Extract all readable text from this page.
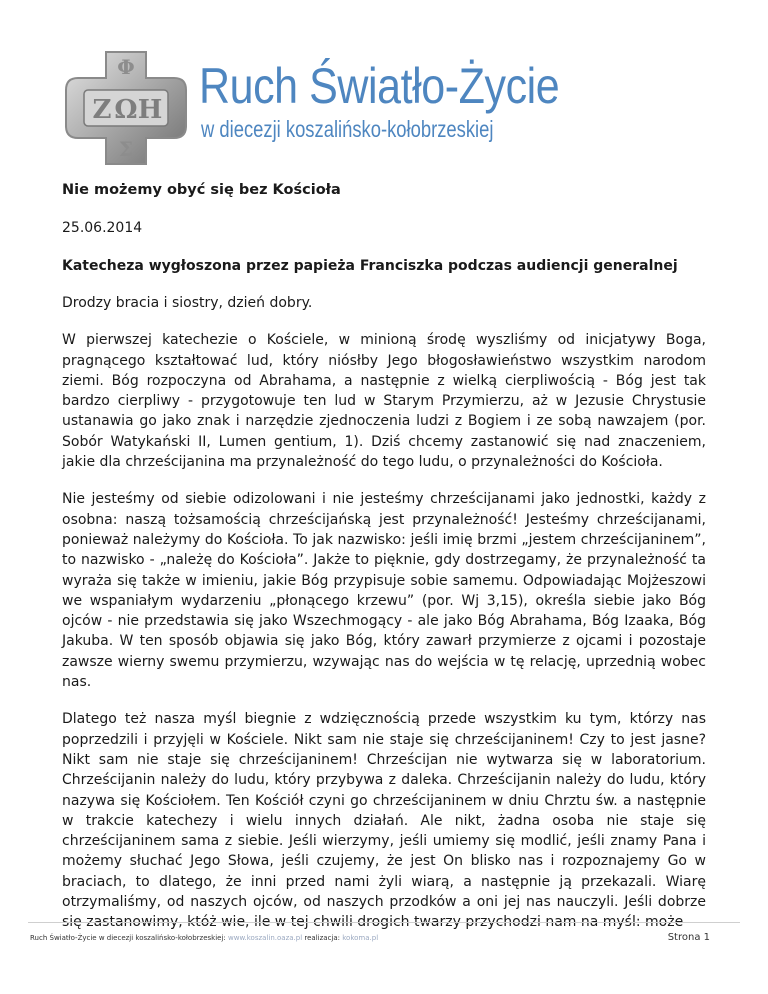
Φ
Ζ Ω Η
Σ
Ruch Światło-Życie
w diecezji koszalińsko-kołobrzeskiej
Nie możemy obyć się bez Kościoła
25.06.2014
Katecheza wygłoszona przez papieża Franciszka podczas audiencji generalnej

Drodzy bracia i siostry, dzień dobry.

W pierwszej katechezie o Kościele, w minioną środę wyszliśmy od inicjatywy Boga, pragnącego kształtować lud, który niósłby Jego błogosławieństwo wszystkim narodom ziemi. Bóg rozpoczyna od Abrahama, a następnie z wielką cierpliwością - Bóg jest tak bardzo cierpliwy - przygotowuje ten lud w Starym Przymierzu, aż w Jezusie Chrystusie ustanawia go jako znak i narzędzie zjednoczenia ludzi z Bogiem i ze sobą nawzajem (por. Sobór Watykański II, Lumen gentium, 1). Dziś chcemy zastanowić się nad znaczeniem, jakie dla chrześcijanina ma przynależność do tego ludu, o przynależności do Kościoła.

Nie jesteśmy od siebie odizolowani i nie jesteśmy chrześcijanami jako jednostki, każdy z osobna: naszą tożsamością chrześcijańską jest przynależność! Jesteśmy chrześcijanami, ponieważ należymy do Kościoła. To jak nazwisko: jeśli imię brzmi „jestem chrześcijaninem”, to nazwisko - „należę do Kościoła”. Jakże to pięknie, gdy dostrzegamy, że przynależność ta wyraża się także w imieniu, jakie Bóg przypisuje sobie samemu. Odpowiadając Mojżeszowi we wspaniałym wydarzeniu „płonącego krzewu” (por. Wj 3,15), określa siebie jako Bóg ojców - nie przedstawia się jako Wszechmogący - ale jako Bóg Abrahama, Bóg Izaaka, Bóg Jakuba. W ten sposób objawia się jako Bóg, który zawarł przymierze z ojcami i pozostaje zawsze wierny swemu przymierzu, wzywając nas do wejścia w tę relację, uprzednią wobec nas.

Dlatego też nasza myśl biegnie z wdzięcznością przede wszystkim ku tym, którzy nas poprzedzili i przyjęli w Kościele. Nikt sam nie staje się chrześcijaninem! Czy to jest jasne? Nikt sam nie staje się chrześcijaninem! Chrześcijan nie wytwarza się w laboratorium. Chrześcijanin należy do ludu, który przybywa z daleka. Chrześcijanin należy do ludu, który nazywa się Kościołem. Ten Kościół czyni go chrześcijaninem w dniu Chrztu św. a następnie w trakcie katechezy i wielu innych działań. Ale nikt, żadna osoba nie staje się chrześcijaninem sama z siebie. Jeśli wierzymy, jeśli umiemy się modlić, jeśli znamy Pana i możemy słuchać Jego Słowa, jeśli czujemy, że jest On blisko nas i rozpoznajemy Go w braciach, to dlatego, że inni przed nami żyli wiarą, a następnie ją przekazali. Wiarę otrzymaliśmy, od naszych ojców, od naszych przodków a oni jej nas nauczyli. Jeśli dobrze się zastanowimy, któż wie, ile w tej chwili drogich twarzy przychodzi nam na myśl: może

Ruch Światło-Życie w diecezji koszalińsko-kołobrzeskiej: www.koszalin.oaza.pl realizacja: kokoma.pl	Strona 1
